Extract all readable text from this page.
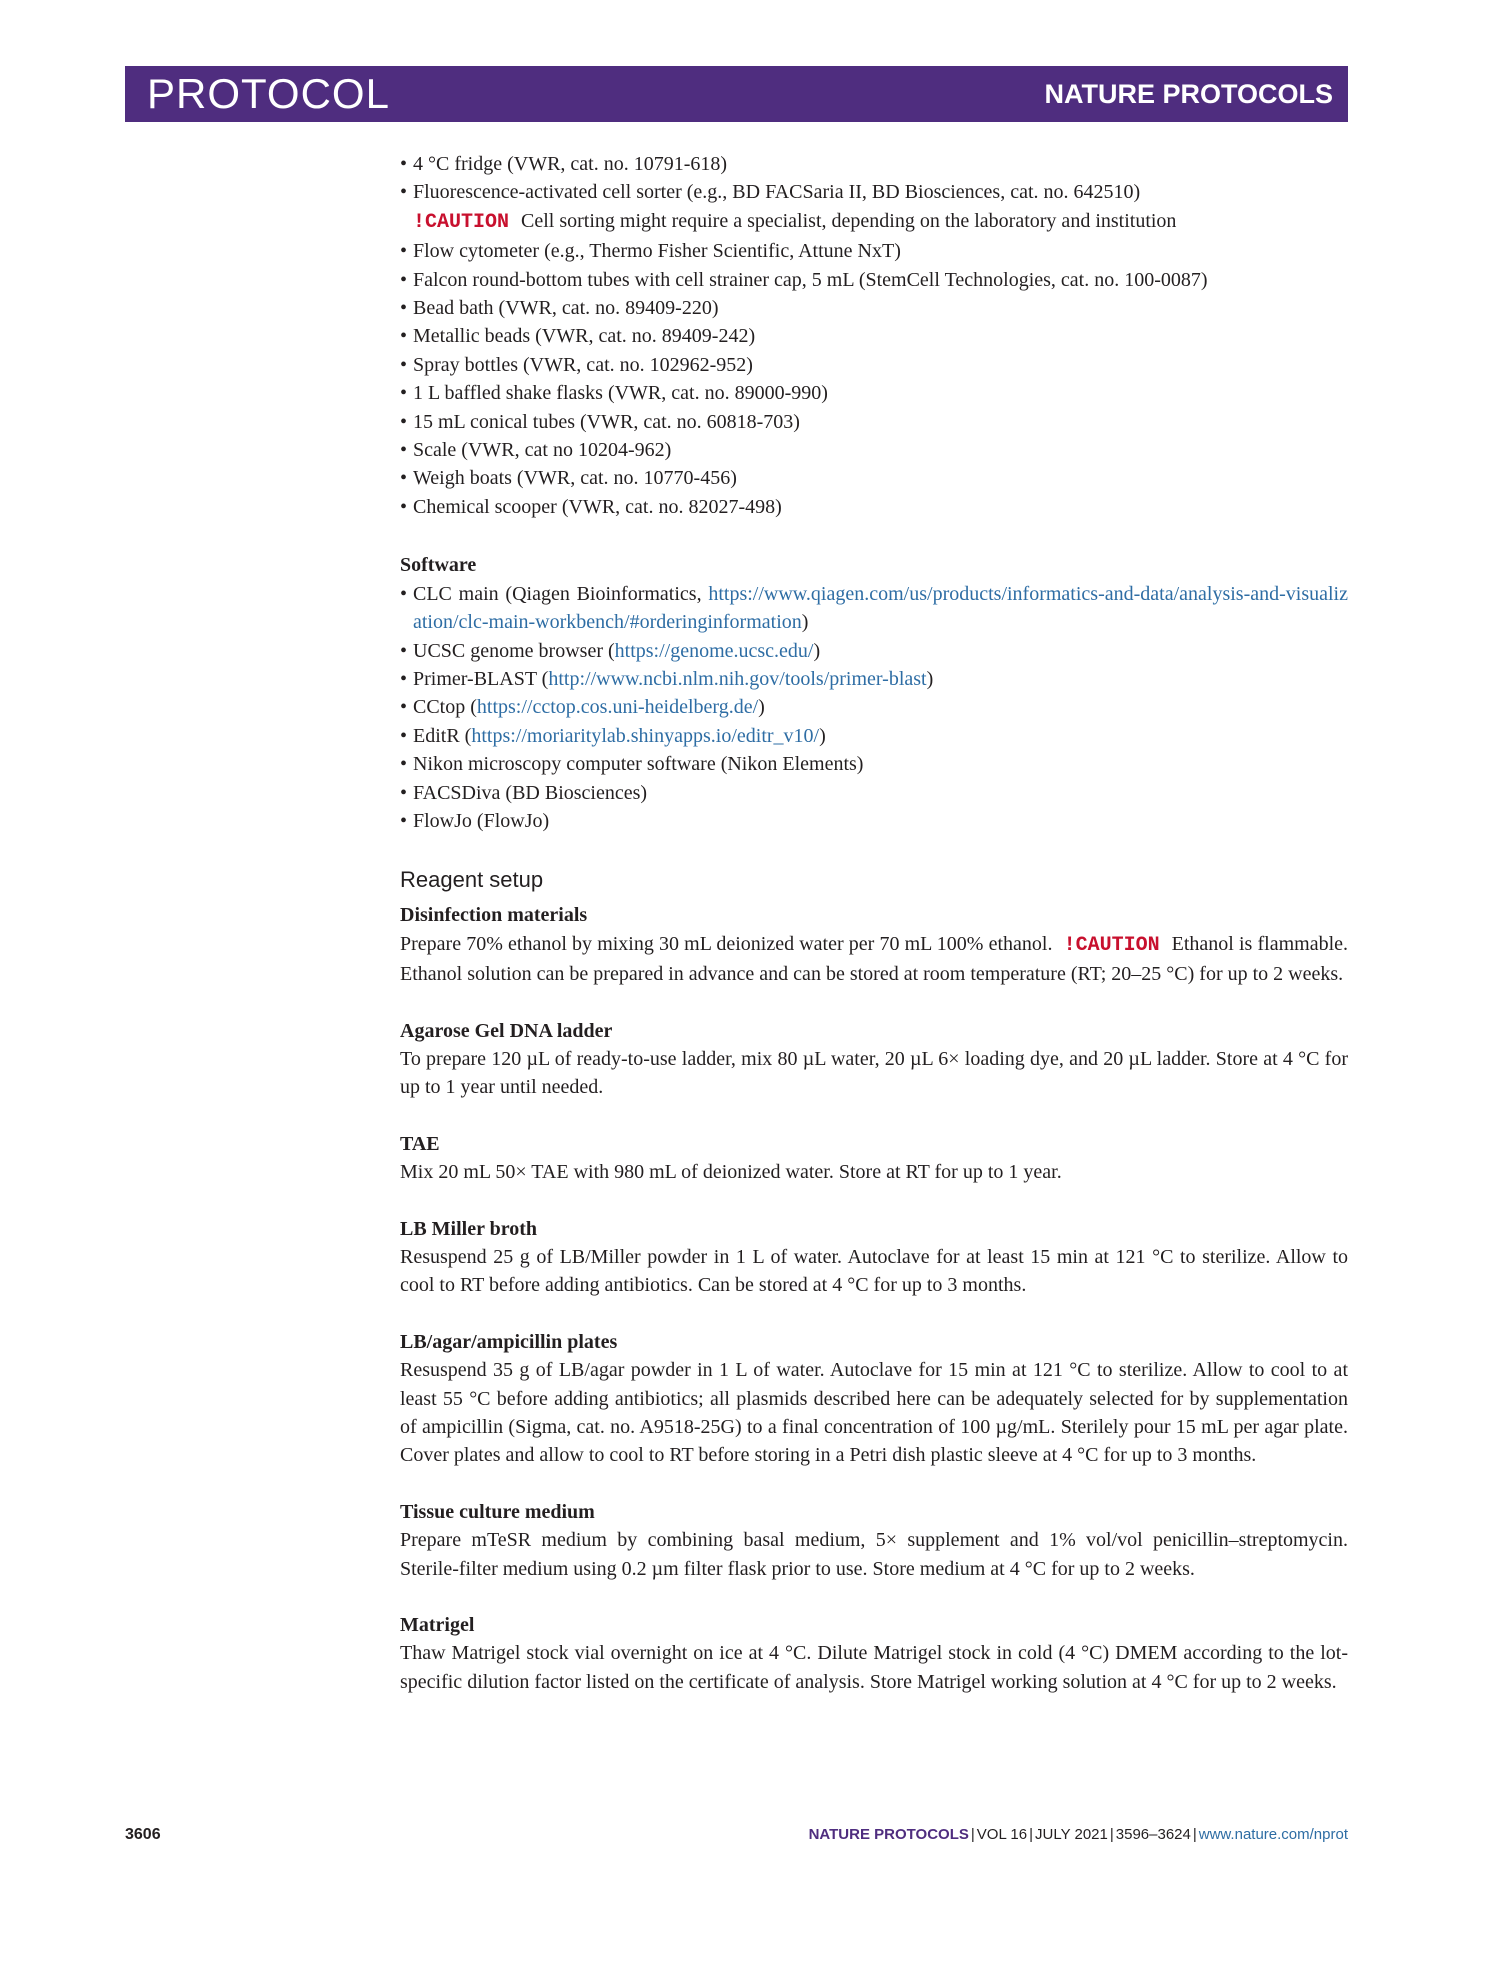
PROTOCOL	NATURE PROTOCOLS
• 4 °C fridge (VWR, cat. no. 10791-618)
• Fluorescence-activated cell sorter (e.g., BD FACSaria II, BD Biosciences, cat. no. 642510)
!CAUTION Cell sorting might require a specialist, depending on the laboratory and institution
• Flow cytometer (e.g., Thermo Fisher Scientific, Attune NxT)
• Falcon round-bottom tubes with cell strainer cap, 5 mL (StemCell Technologies, cat. no. 100-0087)
• Bead bath (VWR, cat. no. 89409-220)
• Metallic beads (VWR, cat. no. 89409-242)
• Spray bottles (VWR, cat. no. 102962-952)
• 1 L baffled shake flasks (VWR, cat. no. 89000-990)
• 15 mL conical tubes (VWR, cat. no. 60818-703)
• Scale (VWR, cat no 10204-962)
• Weigh boats (VWR, cat. no. 10770-456)
• Chemical scooper (VWR, cat. no. 82027-498)
Software
• CLC main (Qiagen Bioinformatics, https://www.qiagen.com/us/products/informatics-and-data/analysis-and-visualization/clc-main-workbench/#orderinginformation)
• UCSC genome browser (https://genome.ucsc.edu/)
• Primer-BLAST (http://www.ncbi.nlm.nih.gov/tools/primer-blast)
• CCtop (https://cctop.cos.uni-heidelberg.de/)
• EditR (https://moriaritylab.shinyapps.io/editr_v10/)
• Nikon microscopy computer software (Nikon Elements)
• FACSDiva (BD Biosciences)
• FlowJo (FlowJo)
Reagent setup
Disinfection materials

Prepare 70% ethanol by mixing 30 mL deionized water per 70 mL 100% ethanol. !CAUTION Ethanol is flammable. Ethanol solution can be prepared in advance and can be stored at room temperature (RT; 20–25 °C) for up to 2 weeks.

Agarose Gel DNA ladder

To prepare 120 µL of ready-to-use ladder, mix 80 µL water, 20 µL 6× loading dye, and 20 µL ladder. Store at 4 °C for up to 1 year until needed.

TAE

Mix 20 mL 50× TAE with 980 mL of deionized water. Store at RT for up to 1 year.

LB Miller broth

Resuspend 25 g of LB/Miller powder in 1 L of water. Autoclave for at least 15 min at 121 °C to sterilize. Allow to cool to RT before adding antibiotics. Can be stored at 4 °C for up to 3 months.

LB/agar/ampicillin plates

Resuspend 35 g of LB/agar powder in 1 L of water. Autoclave for 15 min at 121 °C to sterilize. Allow to cool to at least 55 °C before adding antibiotics; all plasmids described here can be adequately selected for by supplementation of ampicillin (Sigma, cat. no. A9518-25G) to a final concentration of 100 µg/mL. Sterilely pour 15 mL per agar plate. Cover plates and allow to cool to RT before storing in a Petri dish plastic sleeve at 4 °C for up to 3 months.

Tissue culture medium

Prepare mTeSR medium by combining basal medium, 5× supplement and 1% vol/vol penicillin–streptomycin. Sterile-filter medium using 0.2 µm filter flask prior to use. Store medium at 4 °C for up to 2 weeks.

Matrigel

Thaw Matrigel stock vial overnight on ice at 4 °C. Dilute Matrigel stock in cold (4 °C) DMEM according to the lot-specific dilution factor listed on the certificate of analysis. Store Matrigel working solution at 4 °C for up to 2 weeks.

3606	NATURE PROTOCOLS | VOL 16 | JULY 2021 | 3596–3624 | www.nature.com/nprot
